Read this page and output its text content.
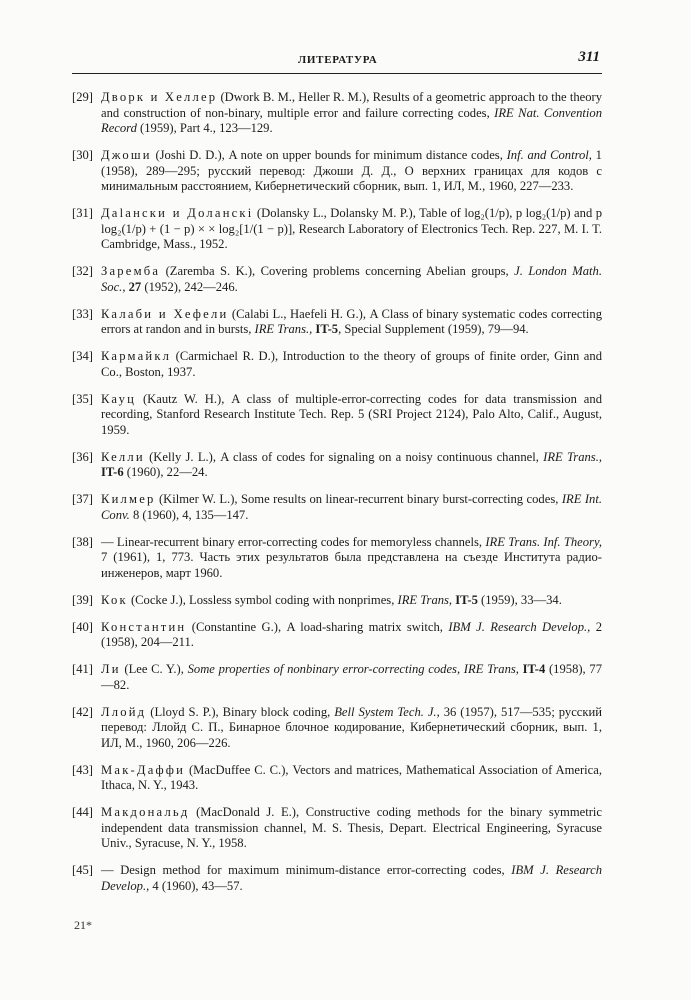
ЛИТЕРАТУРА	311
[29] Дворк и Хеллер (Dwork B. M., Heller R. M.), Results of a geometric approach to the theory and construction of non-binary, multiple error and failure correcting codes, IRE Nat. Convention Record (1959), Part 4., 123—129.
[30] Джоши (Joshi D. D.), A note on upper bounds for minimum distance codes, Inf. and Control, 1 (1958), 289—295; русский перевод: Джоши Д. Д., О верхних границах для кодов с минимальным расстоянием, Кибернетический сборник, вып. 1, ИЛ, М., 1960, 227—233.
[31] Дalански и Доланскi (Dolansky L., Dolansky M. P.), Table of log₂(1/p), p log₂(1/p) and p log₂(1/p) + (1 − p) × × log₂[1/(1 − p)], Research Laboratory of Electronics Tech. Rep. 227, M. I. T. Cambridge, Mass., 1952.
[32] Заремба (Zaremba S. K.), Covering problems concerning Abelian groups, J. London Math. Soc., 27 (1952), 242—246.
[33] Калаби и Хефели (Calabi L., Haefeli H. G.), A Class of binary systematic codes correcting errors at randon and in bursts, IRE Trans., IT-5, Special Supplement (1959), 79—94.
[34] Кармайкл (Carmichael R. D.), Introduction to the theory of groups of finite order, Ginn and Co., Boston, 1937.
[35] Кауц (Kautz W. H.), A class of multiple-error-correcting codes for data transmission and recording, Stanford Research Institute Tech. Rep. 5 (SRI Project 2124), Palo Alto, Calif., August, 1959.
[36] Келли (Kelly J. L.), A class of codes for signaling on a noisy continuous channel, IRE Trans., IT-6 (1960), 22—24.
[37] Килмер (Kilmer W. L.), Some results on linear-recurrent binary burst-correcting codes, IRE Int. Conv. 8 (1960), 4, 135—147.
[38] — Linear-recurrent binary error-correcting codes for memoryless channels, IRE Trans. Inf. Theory, 7 (1961), 1, 773. Часть этих результатов была представлена на съезде Института радио-инженеров, март 1960.
[39] Кок (Cocke J.), Lossless symbol coding with nonprimes, IRE Trans, IT-5 (1959), 33—34.
[40] Константин (Constantine G.), A load-sharing matrix switch, IBM J. Research Develop., 2 (1958), 204—211.
[41] Ли (Lee C. Y.), Some properties of nonbinary error-correcting codes, IRE Trans, IT-4 (1958), 77—82.
[42] Ллойд (Lloyd S. P.), Binary block coding, Bell System Tech. J., 36 (1957), 517—535; русский перевод: Ллойд С. П., Бинарное блочное кодирование, Кибернетический сборник, вып. 1, ИЛ, М., 1960, 206—226.
[43] Мак-Даффи (MacDuffee C. C.), Vectors and matrices, Mathematical Association of America, Ithaca, N. Y., 1943.
[44] Макдональд (MacDonald J. E.), Constructive coding methods for the binary symmetric independent data transmission channel, M. S. Thesis, Depart. Electrical Engineering, Syracuse Univ., Syracuse, N. Y., 1958.
[45] — Design method for maximum minimum-distance error-correcting codes, IBM J. Research Develop., 4 (1960), 43—57.
21*
